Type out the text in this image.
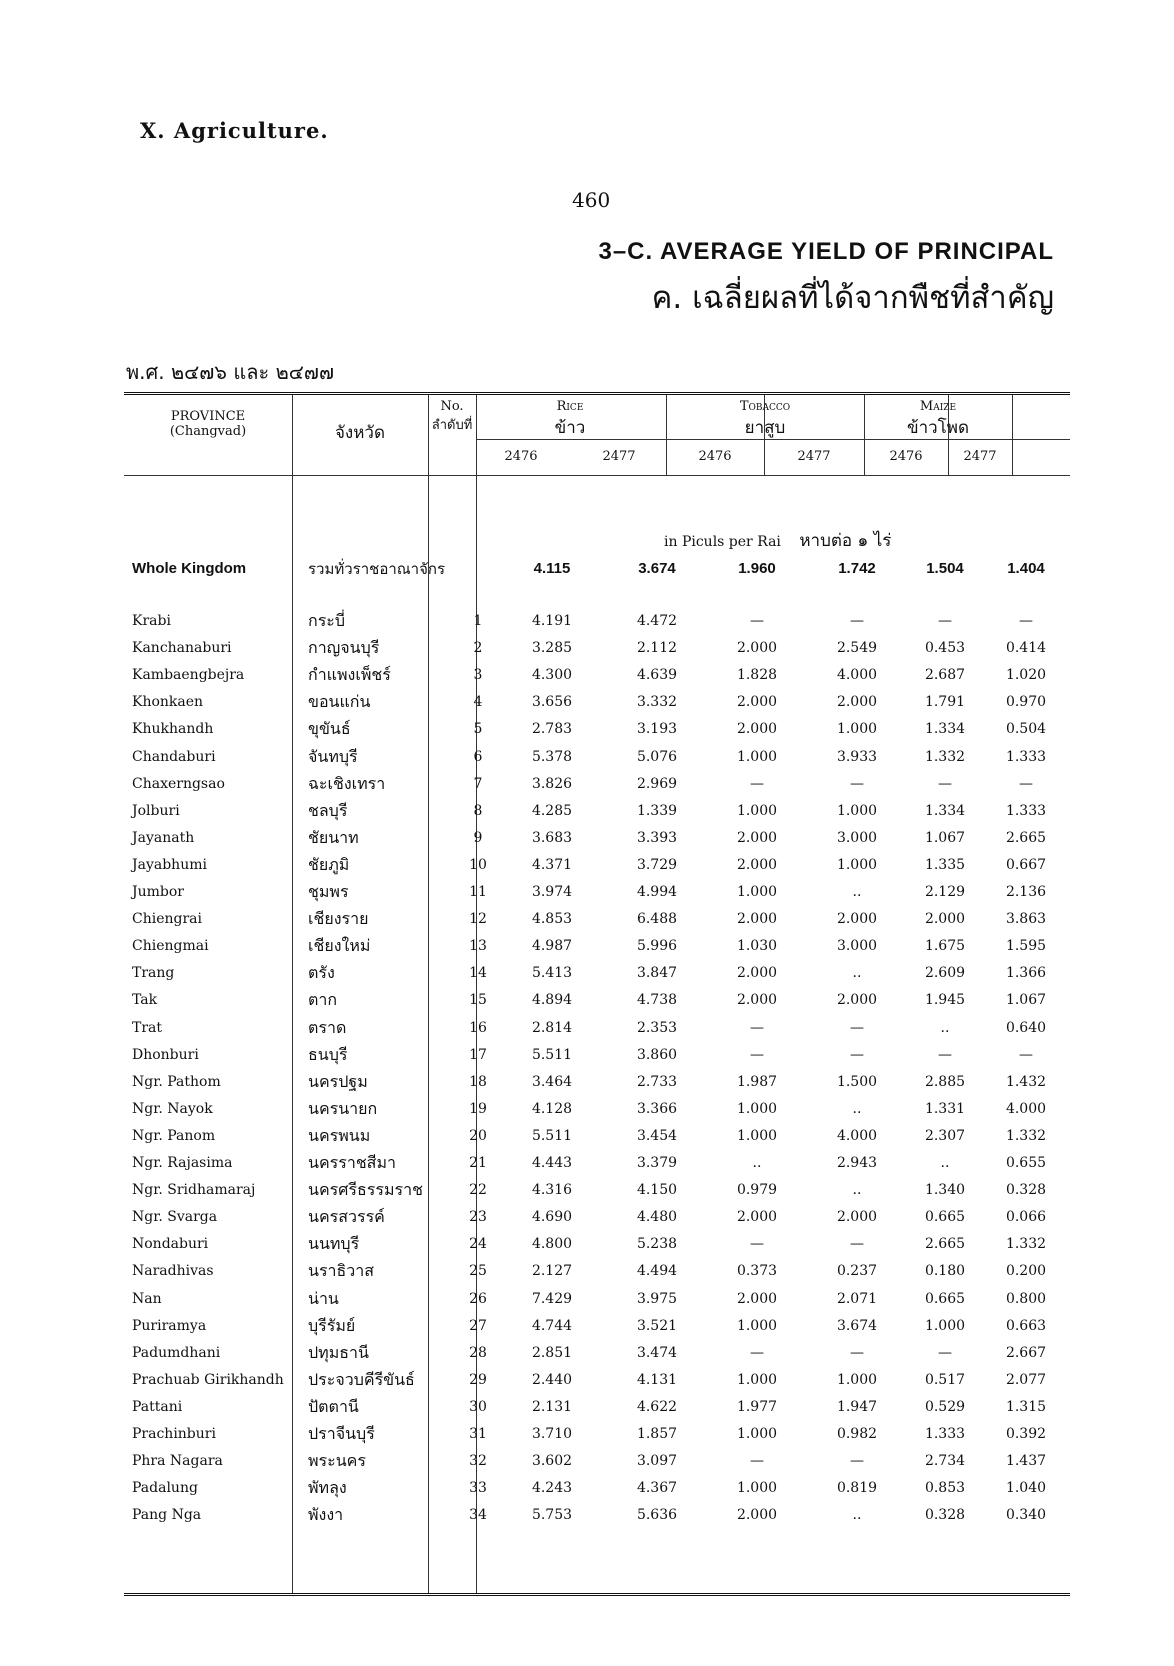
X. Agriculture.
460
3–C. AVERAGE YIELD OF PRINCIPAL
ค. เฉลี่ยผลที่ได้จากพืชที่สำคัญ
พ.ศ. ๒๔๗๖ และ ๒๔๗๗
PROVINCE
(Changvad)	จังหวัด
No.
ลำดับที่
Rice
ข้าว
Tobacco
ยาสูบ
Maize
ข้าวโพด
2476	2477	2476	2477	2476	2477
in Piculs per Rai หาบต่อ ๑ ไร่
Whole Kingdom	รวมทั่วราชอาณาจักร	4.115	3.674	1.960	1.742	1.504	1.404
Krabi	กระบี่	1	4.191	4.472	—	—	—	—
Kanchanaburi	กาญจนบุรี	2	3.285	2.112	2.000	2.549	0.453	0.414
Kambaengbejra	กำแพงเพ็ชร์	3	4.300	4.639	1.828	4.000	2.687	1.020
Khonkaen	ขอนแก่น	4	3.656	3.332	2.000	2.000	1.791	0.970
Khukhandh	ขุขันธ์	5	2.783	3.193	2.000	1.000	1.334	0.504
Chandaburi	จันทบุรี	6	5.378	5.076	1.000	3.933	1.332	1.333
Chaxerngsao	ฉะเชิงเทรา	7	3.826	2.969	—	—	—	—
Jolburi	ชลบุรี	8	4.285	1.339	1.000	1.000	1.334	1.333
Jayanath	ชัยนาท	9	3.683	3.393	2.000	3.000	1.067	2.665
Jayabhumi	ชัยภูมิ	10	4.371	3.729	2.000	1.000	1.335	0.667
Jumbor	ชุมพร	11	3.974	4.994	1.000	..	2.129	2.136
Chiengrai	เชียงราย	12	4.853	6.488	2.000	2.000	2.000	3.863
Chiengmai	เชียงใหม่	13	4.987	5.996	1.030	3.000	1.675	1.595
Trang	ตรัง	14	5.413	3.847	2.000	..	2.609	1.366
Tak	ตาก	15	4.894	4.738	2.000	2.000	1.945	1.067
Trat	ตราด	16	2.814	2.353	—	—	..	0.640
Dhonburi	ธนบุรี	17	5.511	3.860	—	—	—	—
Ngr. Pathom	นครปฐม	18	3.464	2.733	1.987	1.500	2.885	1.432
Ngr. Nayok	นครนายก	19	4.128	3.366	1.000	..	1.331	4.000
Ngr. Panom	นครพนม	20	5.511	3.454	1.000	4.000	2.307	1.332
Ngr. Rajasima	นครราชสีมา	21	4.443	3.379	..	2.943	..	0.655
Ngr. Sridhamaraj	นครศรีธรรมราช	22	4.316	4.150	0.979	..	1.340	0.328
Ngr. Svarga	นครสวรรค์	23	4.690	4.480	2.000	2.000	0.665	0.066
Nondaburi	นนทบุรี	24	4.800	5.238	—	—	2.665	1.332
Naradhivas	นราธิวาส	25	2.127	4.494	0.373	0.237	0.180	0.200
Nan	น่าน	26	7.429	3.975	2.000	2.071	0.665	0.800
Puriramya	บุรีรัมย์	27	4.744	3.521	1.000	3.674	1.000	0.663
Padumdhani	ปทุมธานี	28	2.851	3.474	—	—	—	2.667
Prachuab Girikhandh	ประจวบคีรีขันธ์	29	2.440	4.131	1.000	1.000	0.517	2.077
Pattani	ปัตตานี	30	2.131	4.622	1.977	1.947	0.529	1.315
Prachinburi	ปราจีนบุรี	31	3.710	1.857	1.000	0.982	1.333	0.392
Phra Nagara	พระนคร	32	3.602	3.097	—	—	2.734	1.437
Padalung	พัทลุง	33	4.243	4.367	1.000	0.819	0.853	1.040
Pang Nga	พังงา	34	5.753	5.636	2.000	..	0.328	0.340
